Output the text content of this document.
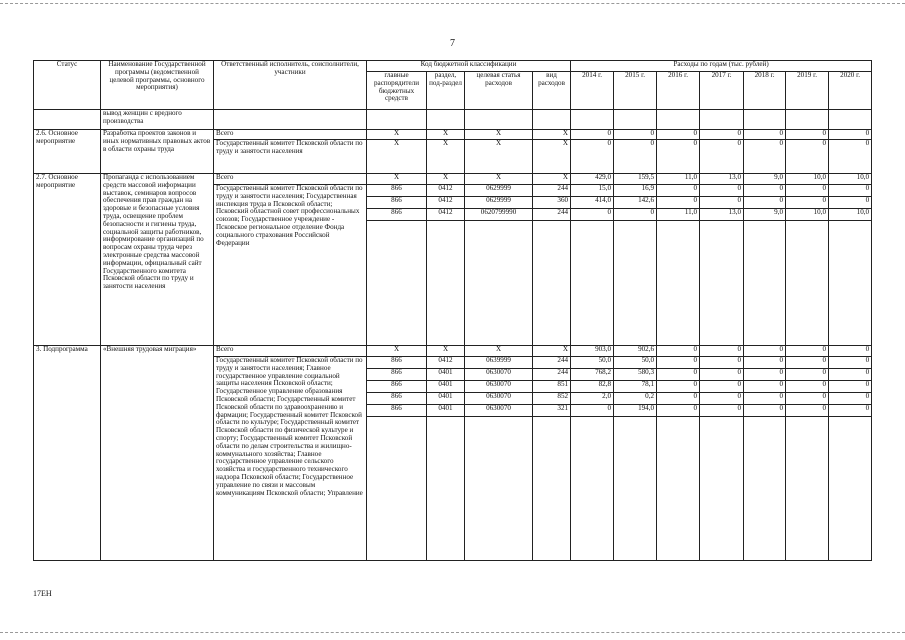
7
Статус	Наименование Государственной программы (ведомственной целевой программы, основного мероприятия)	Ответственный исполнитель, соисполнители, участники	Код бюджетной классификации				Расходы по годам (тыс. рублей)						
			главные распорядители бюджетных средств	раздел, под-раздел	целевая статья расходов	вид расходов	2014 г.	2015 г.	2016 г.	2017 г.	2018 г.	2019 г.	2020 г.
	вывод женщин с вредного производства												
2.6. Основное мероприятие	Разработка проектов законов и иных нормативных правовых актов в области охраны труда	Всего	Х	Х	Х	Х	0	0	0	0	0	0	0
		Государственный комитет Псковской области по труду и занятости населения	Х	Х	Х	Х	0	0	0	0	0	0	0
2.7. Основное мероприятие	Пропаганда с использованием средств массовой информации выставок, семинаров вопросов обеспечения прав граждан на здоровые и безопасные условия труда, освещение проблем безопасности и гигиены труда, социальной защиты работников, информирование организаций по вопросам охраны труда через электронные средства массовой информации, официальный сайт Государственного комитета Псковской области по труду и занятости населения	Всего	Х	Х	Х	Х	429,0	159,5	11,0	13,0	9,0	10,0	10,0
		Государственный комитет Псковской области по труду и занятости населения; Государственная инспекция труда в Псковской области; Псковский областной совет профессиональных союзов; Государственное учреждение - Псковское региональное отделение Фонда социального страхования Российской Федерации	866	0412	0629999	244	15,0	16,9	0	0	0	0	0
			866	0412	0629999	360	414,0	142,6	0	0	0	0	0
			866	0412	0620799990	244	0	0	11,0	13,0	9,0	10,0	10,0

3. Подпрограмма	«Внешняя трудовая миграция»	Всего	Х	Х	Х	Х	903,0	902,6	0	0	0	0	0
		Государственный комитет Псковской области по труду и занятости населения; Главное государственное управление социальной защиты населения Псковской области; Государственное управление образования Псковской области; Государственный комитет Псковской области по здравоохранению и фармации; Государственный комитет Псковской области по культуре; Государственный комитет Псковской области по физической культуре и спорту; Государственный комитет Псковской области по делам строительства и жилищно-коммунального хозяйства; Главное государственное управление сельского хозяйства и государственного технического надзора Псковской области; Государственное управление по связи и массовым коммуникациям Псковской области; Управление	866	0412	0639999	244	50,0	50,0	0	0	0	0	0
			866	0401	0630070	244	768,2	580,3	0	0	0	0	0
			866	0401	0630070	851	82,8	78,1	0	0	0	0	0
			866	0401	0630070	852	2,0	0,2	0	0	0	0	0
			866	0401	0630070	321	0	194,0	0	0	0	0	0

17ЕН
